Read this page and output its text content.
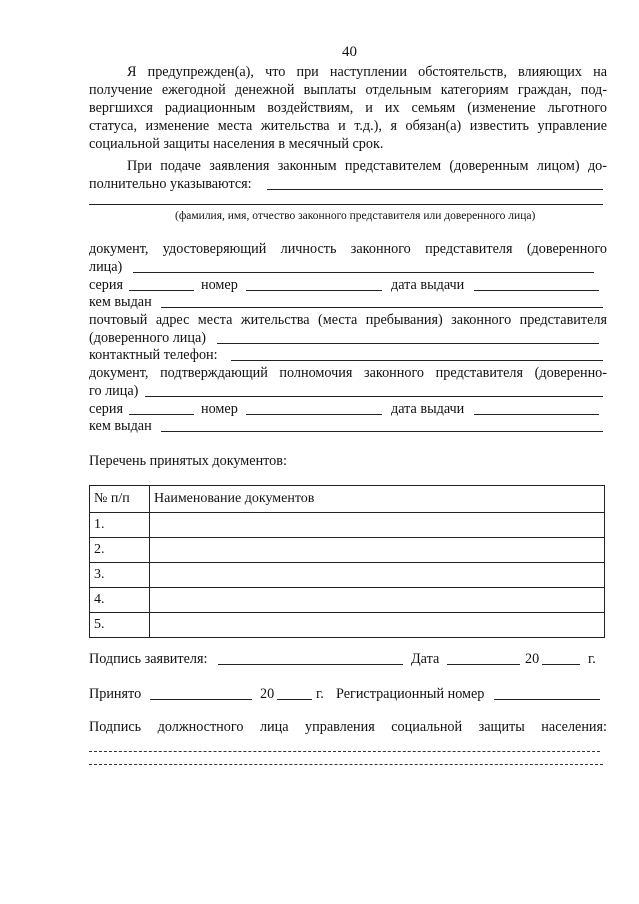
40
Я предупрежден(а), что при наступлении обстоятельств, влияющих на
получение ежегодной денежной выплаты отдельным категориям граждан, под-
вергшихся радиационным воздействиям, и их семьям (изменение льготного
статуса, изменение места жительства и т.д.), я обязан(а) известить управление
социальной защиты населения в месячный срок.
При подаче заявления законным представителем (доверенным лицом) до-
полнительно указываются:
(фамилия, имя, отчество законного представителя или доверенного лица)
документ, удостоверяющий личность законного представителя (доверенного
лица)
серия	номер	дата выдачи
кем выдан
почтовый адрес места жительства (места пребывания) законного представителя
(доверенного лица)
контактный телефон:
документ, подтверждающий полномочия законного представителя (доверенно-
го лица)
серия	номер	дата выдачи
кем выдан
Перечень принятых документов:
№ п/п	Наименование документов
1.	
2.	
3.	
4.	
5.	
Подпись заявителя:	Дата	20	г.
Принято	20	г. Регистрационный номер
Подпись должностного лица управления социальной защиты населения:
